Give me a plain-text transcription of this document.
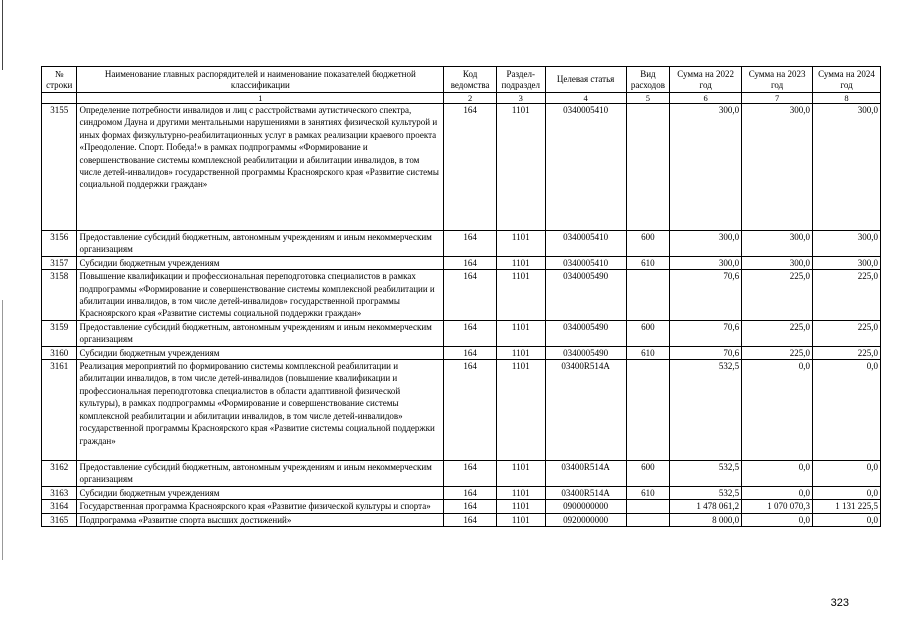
№ строки	Наименование главных распорядителей и наименование показателей бюджетной классификации	Код ведомства	Раздел-подраздел	Целевая статья	Вид расходов	Сумма на 2022 год	Сумма на 2023 год	Сумма на 2024 год
	1	2	3	4	5	6	7	8
3155	Определение потребности инвалидов и лиц с расстройствами аутистического спектра, синдромом Дауна и другими ментальными нарушениями в занятиях физической культурой и иных формах физкультурно-реабилитационных услуг в рамках реализации краевого проекта «Преодоление. Спорт. Победа!» в рамках подпрограммы «Формирование и совершенствование системы комплексной реабилитации и абилитации инвалидов, в том числе детей-инвалидов» государственной программы Красноярского края «Развитие системы социальной поддержки граждан»	164	1101	0340005410		300,0	300,0	300,0
3156	Предоставление субсидий бюджетным, автономным учреждениям и иным некоммерческим организациям	164	1101	0340005410	600	300,0	300,0	300,0
3157	Субсидии бюджетным учреждениям	164	1101	0340005410	610	300,0	300,0	300,0
3158	Повышение квалификации и профессиональная переподготовка специалистов в рамках подпрограммы «Формирование и совершенствование системы комплексной реабилитации и абилитации инвалидов, в том числе детей-инвалидов» государственной программы Красноярского края «Развитие системы социальной поддержки граждан»	164	1101	0340005490		70,6	225,0	225,0
3159	Предоставление субсидий бюджетным, автономным учреждениям и иным некоммерческим организациям	164	1101	0340005490	600	70,6	225,0	225,0
3160	Субсидии бюджетным учреждениям	164	1101	0340005490	610	70,6	225,0	225,0
3161	Реализация мероприятий по формированию системы комплексной реабилитации и абилитации инвалидов, в том числе детей-инвалидов (повышение квалификации и профессиональная переподготовка специалистов в области адаптивной физической культуры), в рамках подпрограммы «Формирование и совершенствование системы комплексной реабилитации и абилитации инвалидов, в том числе детей-инвалидов» государственной программы Красноярского края «Развитие системы социальной поддержки граждан»	164	1101	03400R514A		532,5	0,0	0,0
3162	Предоставление субсидий бюджетным, автономным учреждениям и иным некоммерческим организациям	164	1101	03400R514A	600	532,5	0,0	0,0
3163	Субсидии бюджетным учреждениям	164	1101	03400R514A	610	532,5	0,0	0,0
3164	Государственная программа Красноярского края «Развитие физической культуры и спорта»	164	1101	0900000000		1 478 061,2	1 070 070,3	1 131 225,5
3165	Подпрограмма «Развитие спорта высших достижений»	164	1101	0920000000		8 000,0	0,0	0,0
323
